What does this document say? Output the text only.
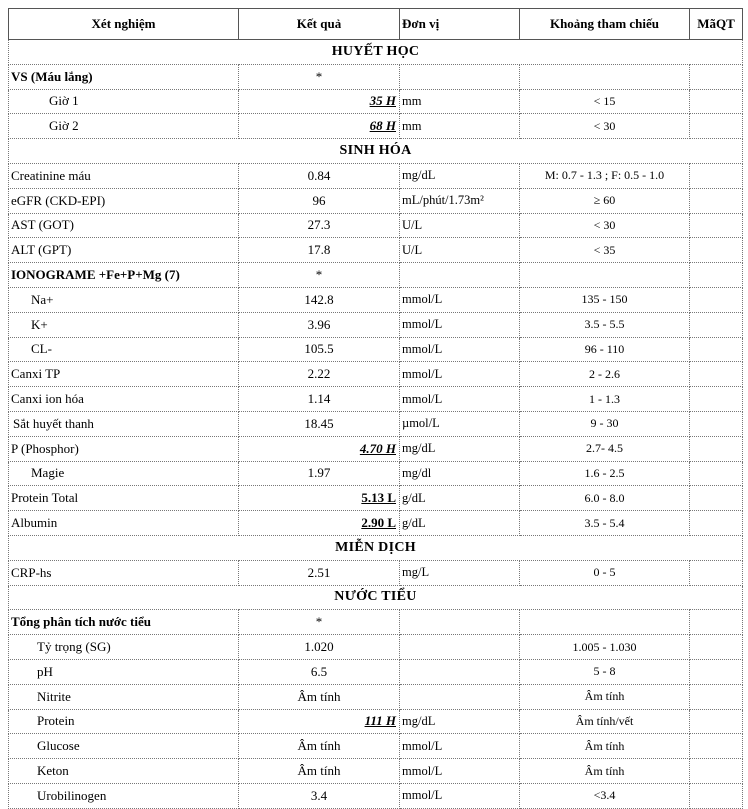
Xét nghiệm	Kết quả	Đơn vị	Khoảng tham chiếu	MãQT
HUYẾT HỌC				
VS (Máu lắng)	*			
Giờ 1	35 H	mm	< 15	
Giờ 2	68 H	mm	< 30	
SINH HÓA				
Creatinine máu	0.84	mg/dL	M: 0.7 - 1.3 ; F: 0.5 - 1.0	
eGFR (CKD-EPI)	96	mL/phút/1.73m²	≥ 60	
AST (GOT)	27.3	U/L	< 30	
ALT (GPT)	17.8	U/L	< 35	
IONOGRAME +Fe+P+Mg (7)	*			
Na+	142.8	mmol/L	135 - 150	
K+	3.96	mmol/L	3.5 - 5.5	
CL-	105.5	mmol/L	96 - 110	
Canxi TP	2.22	mmol/L	2 - 2.6	
Canxi ion hóa	1.14	mmol/L	1 - 1.3	
Sắt huyết thanh	18.45	µmol/L	9 - 30	
P (Phosphor)	4.70 H	mg/dL	2.7- 4.5	
Magie	1.97	mg/dl	1.6 - 2.5	
Protein Total	5.13 L	g/dL	6.0 - 8.0	
Albumin	2.90 L	g/dL	3.5 - 5.4	
MIỄN DỊCH				
CRP-hs	2.51	mg/L	0 - 5	
NƯỚC TIỂU				
Tổng phân tích nước tiểu	*			
Tỷ trọng (SG)	1.020		1.005 - 1.030	
pH	6.5		5 - 8	
Nitrite	Âm tính		Âm tính	
Protein	111 H	mg/dL	Âm tính/vết	
Glucose	Âm tính	mmol/L	Âm tính	
Keton	Âm tính	mmol/L	Âm tính	
Urobilinogen	3.4	mmol/L	<3.4	
